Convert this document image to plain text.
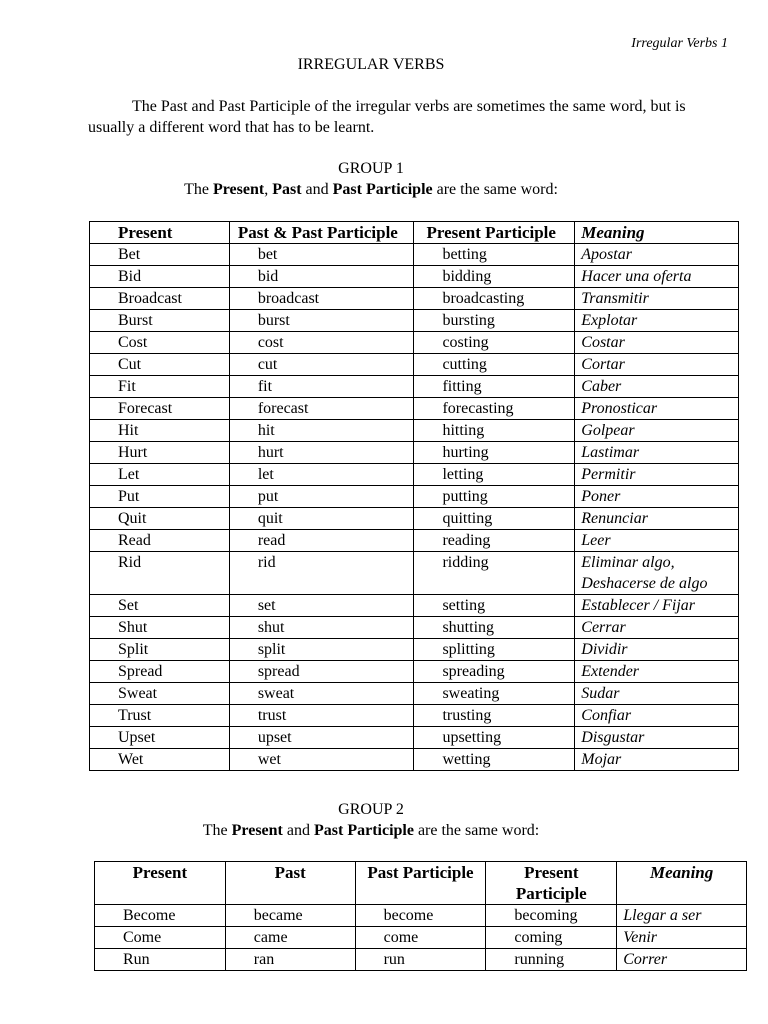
Irregular Verbs 1
IRREGULAR VERBS

The Past and Past Participle of the irregular verbs are sometimes the same word, but is usually a different word that has to be learnt.

GROUP 1
The Present, Past and Past Participle are the same word:
Present	Past & Past Participle	Present Participle	Meaning
Bet	bet	betting	Apostar
Bid	bid	bidding	Hacer una oferta
Broadcast	broadcast	broadcasting	Transmitir
Burst	burst	bursting	Explotar
Cost	cost	costing	Costar
Cut	cut	cutting	Cortar
Fit	fit	fitting	Caber
Forecast	forecast	forecasting	Pronosticar
Hit	hit	hitting	Golpear
Hurt	hurt	hurting	Lastimar
Let	let	letting	Permitir
Put	put	putting	Poner
Quit	quit	quitting	Renunciar
Read	read	reading	Leer
Rid	rid	ridding	Eliminar algo,
			Deshacerse de algo
Set	set	setting	Establecer / Fijar
Shut	shut	shutting	Cerrar
Split	split	splitting	Dividir
Spread	spread	spreading	Extender
Sweat	sweat	sweating	Sudar
Trust	trust	trusting	Confiar
Upset	upset	upsetting	Disgustar
Wet	wet	wetting	Mojar
GROUP 2
The Present and Past Participle are the same word:
Present	Past	Past Participle	Present Participle	Meaning
Become	became	become	becoming	Llegar a ser
Come	came	come	coming	Venir
Run	ran	run	running	Correr
